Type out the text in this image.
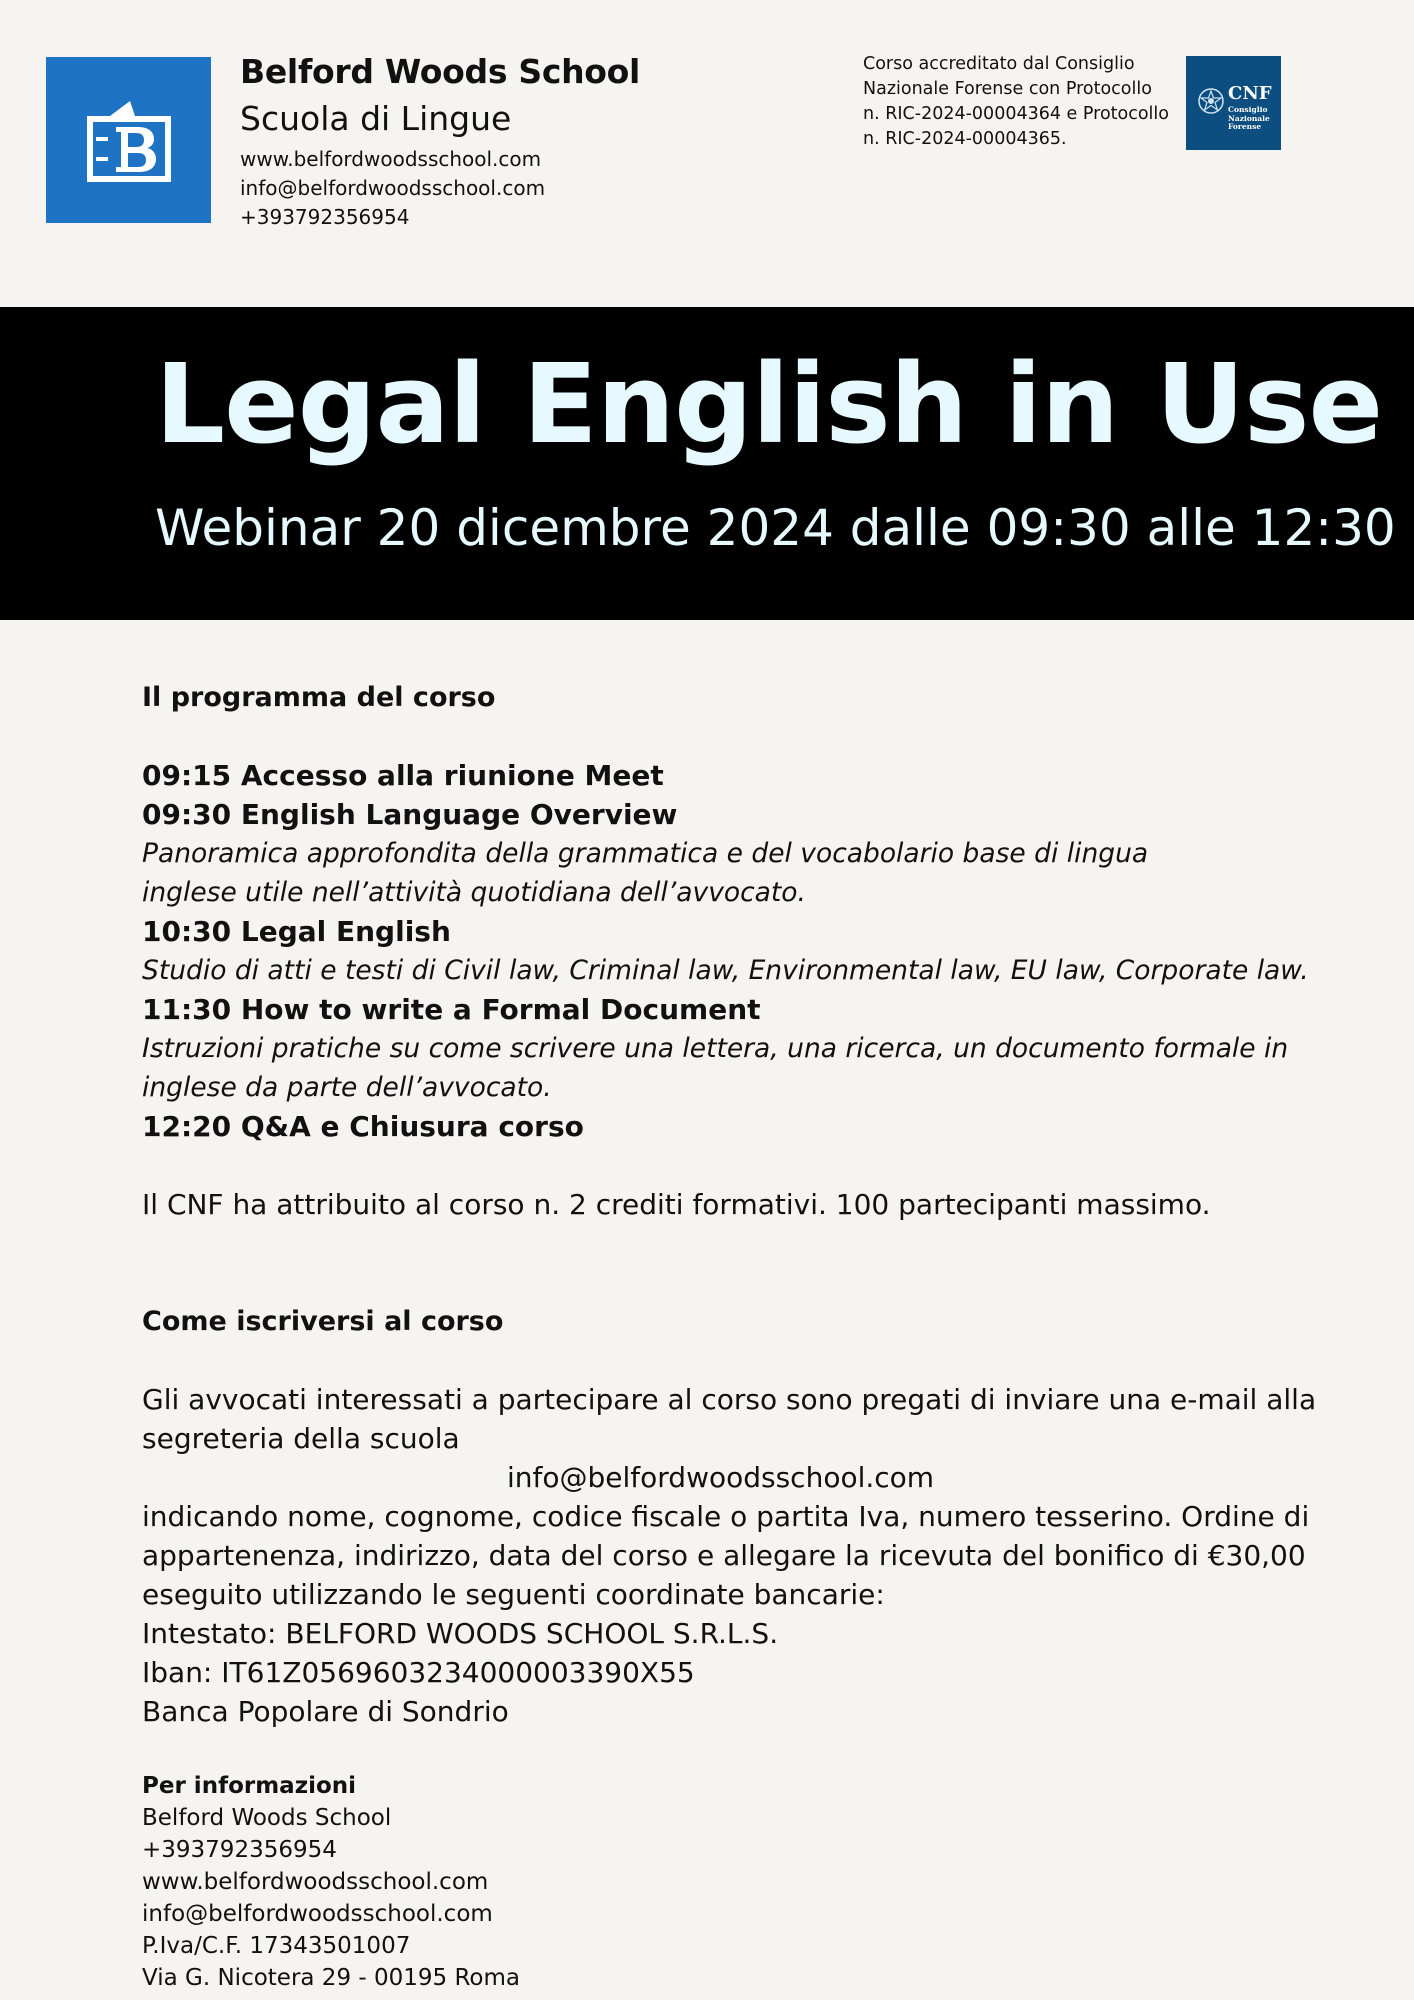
Belford Woods School
Scuola di Lingue
www.belfordwoodsschool.com
info@belfordwoodsschool.com
+393792356954
Corso accreditato dal Consiglio
Nazionale Forense con Protocollo
n. RIC-2024-00004364 e Protocollo
n. RIC-2024-00004365.
CNF
Consiglio
Nazionale
Forense
Legal English in Use
Webinar 20 dicembre 2024 dalle 09:30 alle 12:30
Il programma del corso
09:15 Accesso alla riunione Meet
09:30 English Language Overview
Panoramica approfondita della grammatica e del vocabolario base di lingua
inglese utile nell’attività quotidiana dell’avvocato.
10:30 Legal English
Studio di atti e testi di Civil law, Criminal law, Environmental law, EU law, Corporate law.
11:30 How to write a Formal Document
Istruzioni pratiche su come scrivere una lettera, una ricerca, un documento formale in
inglese da parte dell’avvocato.
12:20 Q&A e Chiusura corso
Il CNF ha attribuito al corso n. 2 crediti formativi. 100 partecipanti massimo.
Come iscriversi al corso
Gli avvocati interessati a partecipare al corso sono pregati di inviare una e-mail alla
segreteria della scuola
info@belfordwoodsschool.com
indicando nome, cognome, codice fiscale o partita Iva, numero tesserino. Ordine di
appartenenza, indirizzo, data del corso e allegare la ricevuta del bonifico di €30,00
eseguito utilizzando le seguenti coordinate bancarie:
Intestato: BELFORD WOODS SCHOOL S.R.L.S.
Iban: IT61Z0569603234000003390X55
Banca Popolare di Sondrio
Per informazioni
Belford Woods School
+393792356954
www.belfordwoodsschool.com
info@belfordwoodsschool.com
P.Iva/C.F. 17343501007
Via G. Nicotera 29 - 00195 Roma
